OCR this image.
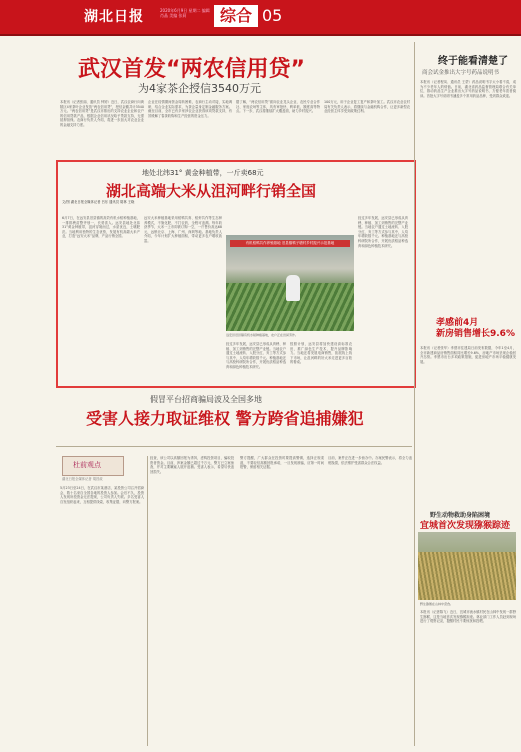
湖北日报	2020年6月9日 星期二 编辑 肖晶 美编 张莉	综合 05
武汉首发“两农信用贷”
为4家茶企授信3540万元
本报讯（记者张丽、通讯员 钟婷）近日，武汉农商行向黄陂区4家茶叶企业发放“两农信用贷”，授信金额共计3540万元。“两农信用贷”是武汉市推出的支持农业企业和农户的信用贷款产品，根据企业信用状况给予贷款支持，无需抵押担保。农商行负责人介绍，将进一步加大对农业企业的金融支持力度。
企业在疫情期间资金周转困难，农商行主动对接，实地调研，结合企业实际需求，为茶企量身定制金融服务方案。截至目前，全市已有多家涉农企业获得该项贷款支持，有效缓解了春茶收购和生产经营的资金压力。
据了解，“两农信用贷”面向农业龙头企业、农民专业合作社、家庭农场等主体，具有审批快、利率低、额度高等特点。下一步，武汉将继续扩大覆盖面，助力乡村振兴。
100万元，用于企业复工复产和茶叶加工。武汉市农业农村局有关负责人表示，将继续与金融机构合作，让更多新型农业经营主体享受到政策红利。
地处北纬31° 黄金种植带，一斤卖68元
湖北高端大米从沮河畔行销全国
文/图 湖北日报全媒体记者 吕东 通讯员 胡林 王晓
6月7日，在远安县旧县镇的高效有机水稻种植基地，一排排秧苗整齐划一，长势喜人。远安县地处北纬31°黄金种植带，沮河穿境而过，水质优良，土壤肥沃。当地利用独特的生态优势，发展有机高端大米产业，打造“远安大米”品牌，产品行销全国。
远安大米种植基地采用稻鸭共育、稻虾共作等生态种养模式，不施化肥、不打农药，全程可追溯。每年收获季节，大米一上市即被订购一空，一斤售价高达68元，远销北京、上海、广州、深圳等地。基地负责人介绍，今年计划扩大种植面积，带动更多农户增收致富。
经过多年发展，远安县已形成从育秧、种植、加工到销售的完整产业链。当地农户通过土地流转、入股分红、务工等方式参与其中，人均年增收数千元。种植基地还与高校科研院所合作，开展优质稻品种选育和绿色种植技术研究。
按照计划，远安县将加快建设高标准农田，推广绿色生产技术，提升品牌影响力。当地还将发展电商销售，拓展线上线下市场，让沮河畔的好大米走进更多百姓的餐桌。
有机稻鸭共作养殖基地 旧县镇鸭子塘村乡村振兴示范基地
经过多年发展，远安县已形成从育秧、种植、加工到销售的完整产业链。当地农户通过土地流转、入股分红、务工等方式参与其中，人均年增收数千元。种植基地还与高校科研院所合作，开展优质稻品种选育和绿色种植技术研究。
远安县旧县镇有机水稻种植基地，农户正在田间劳作。
假冒平台招商骗局波及全国多地
受害人接力取证维权 警方跨省追捕嫌犯
杜前观点
湖北日报全媒体记者 胡昌政
5月23日至24日，在武汉市某酒店，某投资公司召开招商会，数十名来自全国各地的投资人参加。会后不久，投资人发现所投资金无法提现，公司负责人失联。多名受害人自发组织起来，互相提供线索，收集证据，向警方报案。
经查，该公司以高额回报为诱饵，虚构投资项目，骗取投资者资金。目前，涉案金额已超过千万元，警方已立案侦查，并对主要嫌疑人展开追捕。受害人表示，希望尽快追回损失。
警方提醒，广大群众在投资时要提高警惕，选择正规渠道，不要轻信高额回报承诺，一旦发现被骗，应第一时间报警，保留相关证据。
目前，案件正在进一步侦办中。办案民警表示，将全力追赃挽损，依法维护受害群众合法权益。
终于能看清楚了
商会试金推出大字号药品说明书
本报讯（记者程凤、通讯员 王蒙）药品说明书字太小看不清，成为不少老年人的烦恼。日前，湖北省药品监督管理局联合有关单位，推动药品生产企业推出大字号药品说明书，方便老年患者阅读。首批大字号说明书涵盖多个常用药品品种，受到群众欢迎。
孝感前4月
新房销售增长9.6%
本报讯（记者张华）孝感市住建局日前发布数据，今年1至4月，全市新建商品房销售面积同比增长9.6%，房地产市场呈现企稳回升态势。孝感市出台多项政策措施，促进房地产市场平稳健康发展。
野生动物救助身陷困境
宜城首次发现猕猴踪迹
野生猕猴在山林中觅食。
本报讯（记者陈飞）近日，宜城市流水镇村民在山林中发现一群野生猕猴，这是当地首次发现猕猴踪迹。林业部门工作人员赶到现场进行了观察记录，提醒村民不要惊扰和投喂。
